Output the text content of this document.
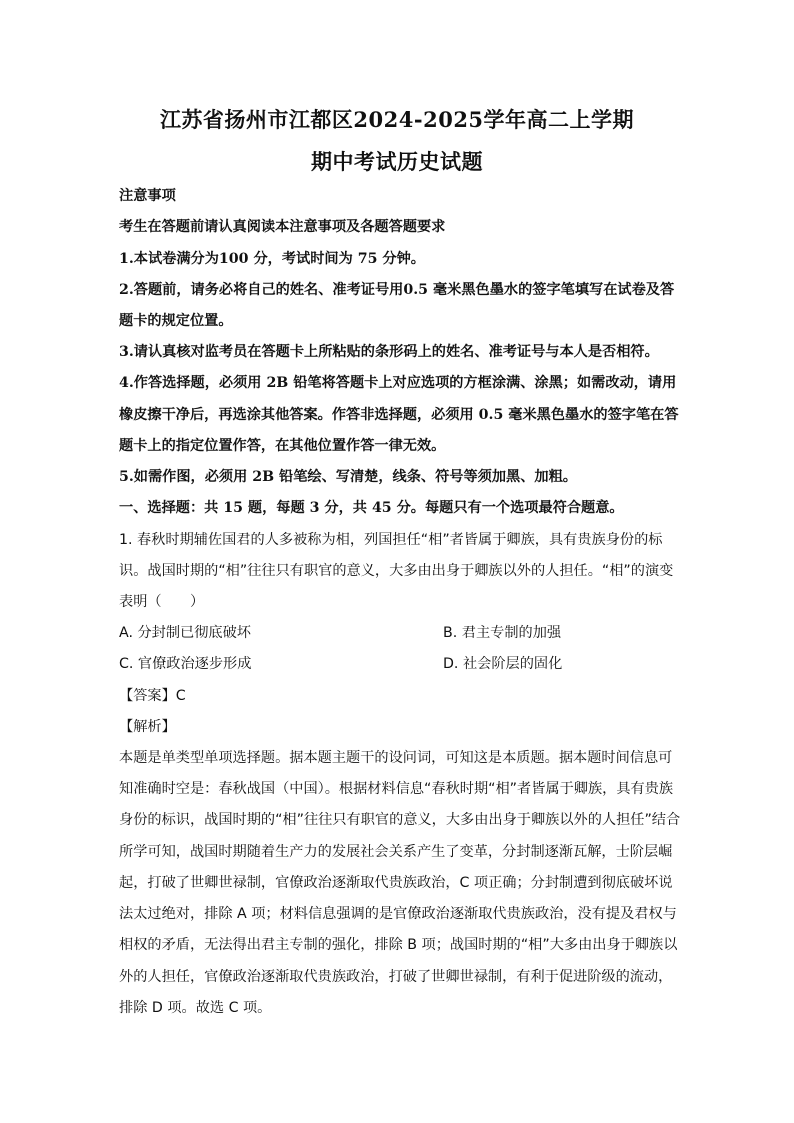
江苏省扬州市江都区2024-2025学年高二上学期
期中考试历史试题
注意事项
考生在答题前请认真阅读本注意事项及各题答题要求
1.本试卷满分为100 分，考试时间为 75 分钟。
2.答题前，请务必将自己的姓名、准考证号用0.5 毫米黑色墨水的签字笔填写在试卷及答
题卡的规定位置。
3.请认真核对监考员在答题卡上所粘贴的条形码上的姓名、准考证号与本人是否相符。
4.作答选择题，必须用 2B 铅笔将答题卡上对应选项的方框涂满、涂黑；如需改动，请用
橡皮擦干净后，再选涂其他答案。作答非选择题，必须用 0.5 毫米黑色墨水的签字笔在答
题卡上的指定位置作答，在其他位置作答一律无效。
5.如需作图，必须用 2B 铅笔绘、写清楚，线条、符号等须加黑、加粗。
一、选择题：共 15 题，每题 3 分，共 45 分。每题只有一个选项最符合题意。
1. 春秋时期辅佐国君的人多被称为相，列国担任“相”者皆属于卿族，具有贵族身份的标
识。战国时期的“相”往往只有职官的意义，大多由出身于卿族以外的人担任。“相”的演变
表明（　　）
A. 分封制已彻底破坏	B. 君主专制的加强
C. 官僚政治逐步形成	D. 社会阶层的固化
【答案】C
【解析】
本题是单类型单项选择题。据本题主题干的设问词，可知这是本质题。据本题时间信息可
知准确时空是：春秋战国（中国）。根据材料信息“春秋时期“相”者皆属于卿族，具有贵族
身份的标识，战国时期的“相”往往只有职官的意义，大多由出身于卿族以外的人担任”结合
所学可知，战国时期随着生产力的发展社会关系产生了变革，分封制逐渐瓦解，士阶层崛
起，打破了世卿世禄制，官僚政治逐渐取代贵族政治，C 项正确；分封制遭到彻底破坏说
法太过绝对，排除 A 项；材料信息强调的是官僚政治逐渐取代贵族政治，没有提及君权与
相权的矛盾，无法得出君主专制的强化，排除 B 项；战国时期的“相”大多由出身于卿族以
外的人担任，官僚政治逐渐取代贵族政治，打破了世卿世禄制，有利于促进阶级的流动，
排除 D 项。故选 C 项。
